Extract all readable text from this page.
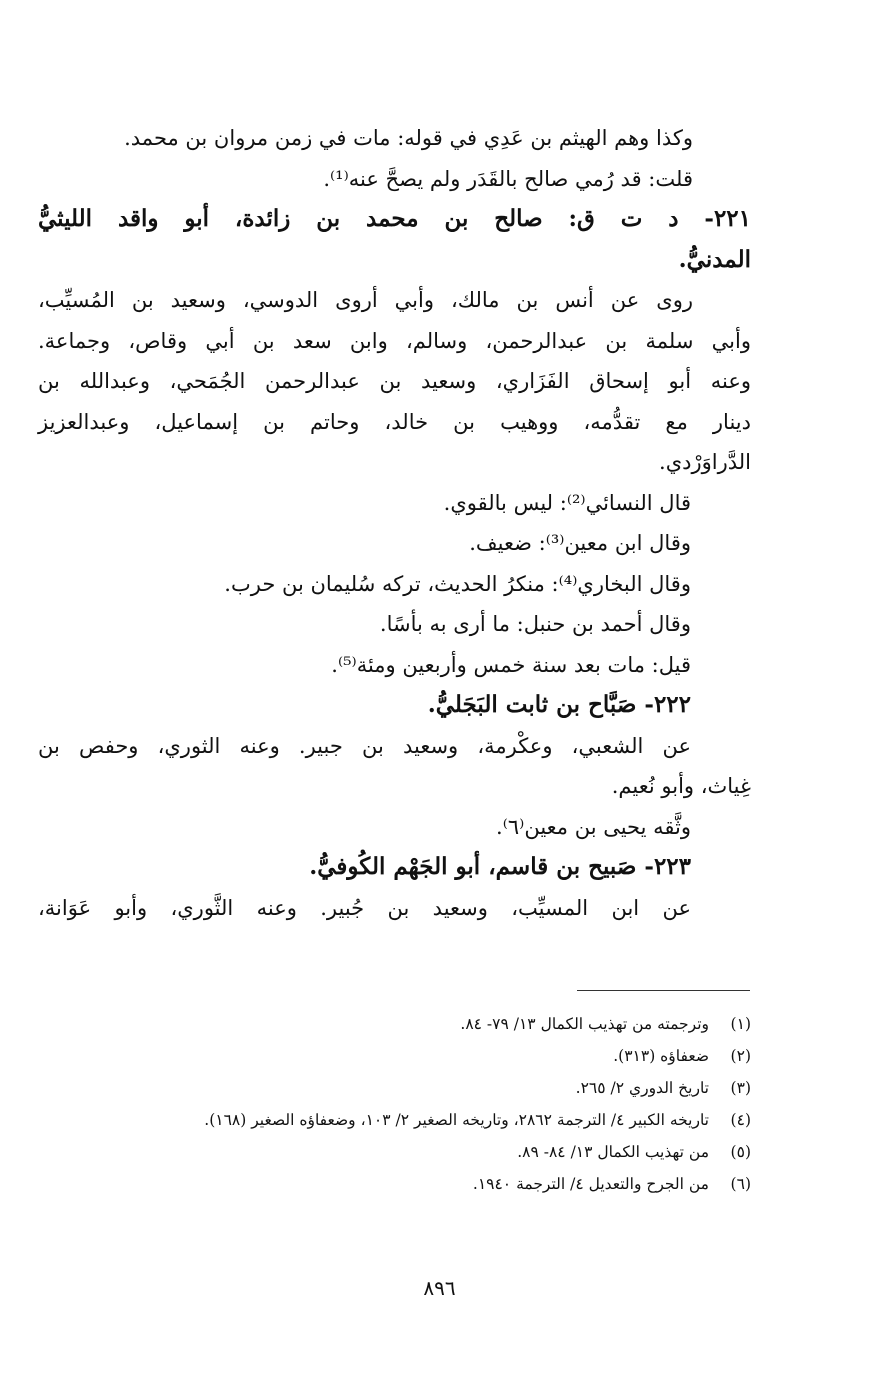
وكذا وهم الهيثم بن عَدِي في قوله: مات في زمن مروان بن محمد.
قلت: قد رُمي صالح بالقَدَر ولم يصحَّ عنه⁽¹⁾.
٢٢١- د ت ق: صالح بن محمد بن زائدة، أبو واقد الليثيُّ
المدنيُّ.
روى عن أنس بن مالك، وأبي أروى الدوسي، وسعيد بن المُسيِّب،
وأبي سلمة بن عبدالرحمن، وسالم، وابن سعد بن أبي وقاص، وجماعة.
وعنه أبو إسحاق الفَزَاري، وسعيد بن عبدالرحمن الجُمَحي، وعبدالله بن
دينار مع تقدُّمه، ووهيب بن خالد، وحاتم بن إسماعيل، وعبدالعزيز
الدَّراوَرْدي.
قال النسائي⁽²⁾: ليس بالقوي.
وقال ابن معين⁽³⁾: ضعيف.
وقال البخاري⁽⁴⁾: منكرُ الحديث، تركه سُليمان بن حرب.
وقال أحمد بن حنبل: ما أرى به بأسًا.
قيل: مات بعد سنة خمس وأربعين ومئة⁽⁵⁾.
٢٢٢- صَبَّاح بن ثابت البَجَليُّ.
عن الشعبي، وعكْرمة، وسعيد بن جبير. وعنه الثوري، وحفص بن
غِياث، وأبو نُعيم.
وثَّقه يحيى بن معين⁽٦⁾.
٢٢٣- صَبيح بن قاسم، أبو الجَهْم الكُوفيُّ.
عن ابن المسيِّب، وسعيد بن جُبير. وعنه الثَّوري، وأبو عَوَانة،
(١)
وترجمته من تهذيب الكمال ١٣/ ٧٩- ٨٤.
(٢)
ضعفاؤه (٣١٣).
(٣)
تاريخ الدوري ٢/ ٢٦٥.
(٤)
تاريخه الكبير ٤/ الترجمة ٢٨٦٢، وتاريخه الصغير ٢/ ١٠٣، وضعفاؤه الصغير (١٦٨).
(٥)
من تهذيب الكمال ١٣/ ٨٤- ٨٩.
(٦)
من الجرح والتعديل ٤/ الترجمة ١٩٤٠.
٨٩٦
